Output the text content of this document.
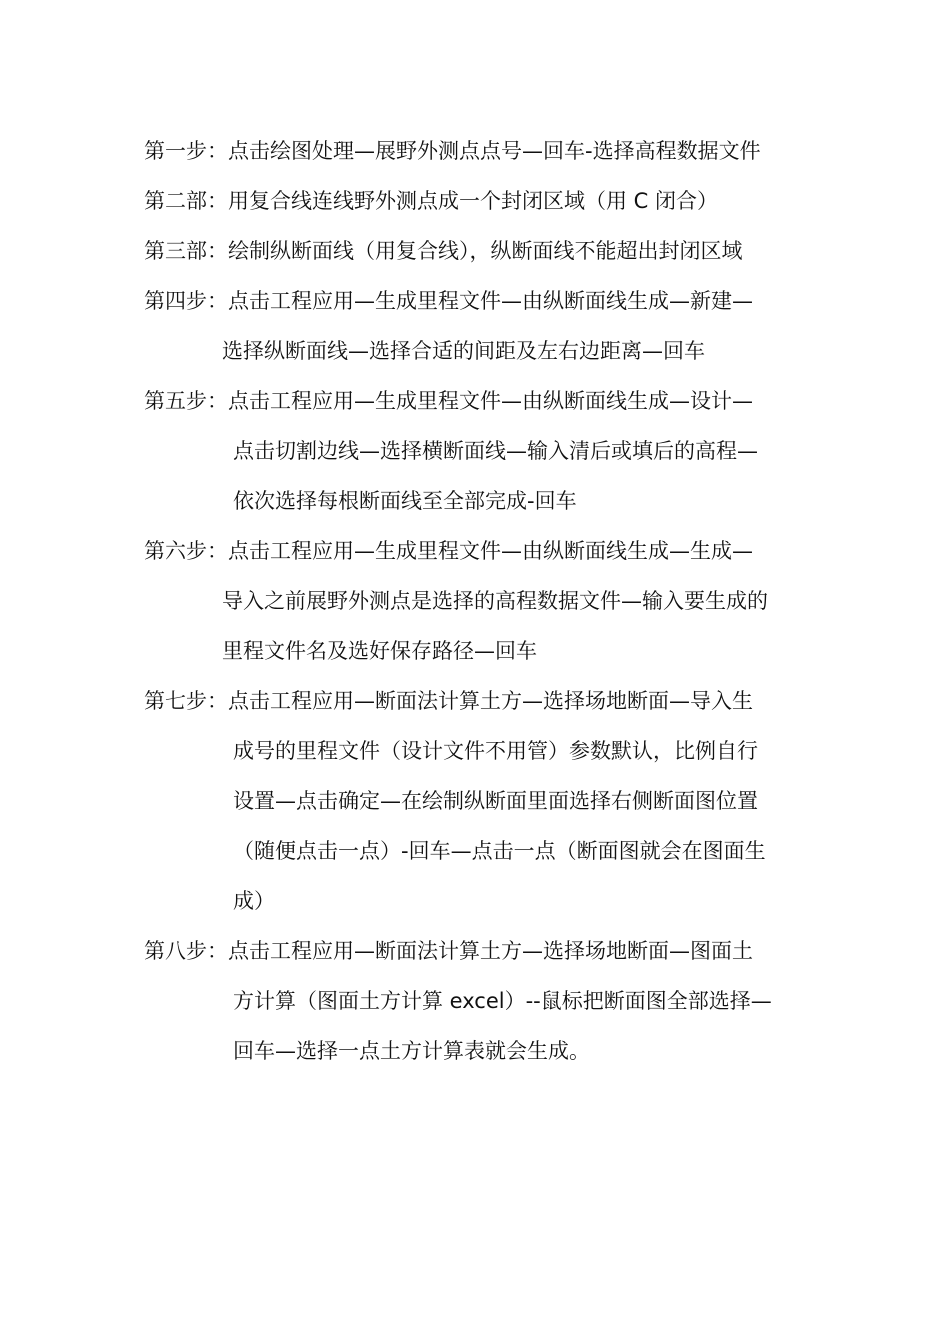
第一步：点击绘图处理—展野外测点点号—回车-选择高程数据文件
第二部：用复合线连线野外测点成一个封闭区域（用 C 闭合）
第三部：绘制纵断面线（用复合线），纵断面线不能超出封闭区域
第四步：点击工程应用—生成里程文件—由纵断面线生成—新建—
选择纵断面线—选择合适的间距及左右边距离—回车
第五步：点击工程应用—生成里程文件—由纵断面线生成—设计—
点击切割边线—选择横断面线—输入清后或填后的高程—
依次选择每根断面线至全部完成-回车
第六步：点击工程应用—生成里程文件—由纵断面线生成—生成—
导入之前展野外测点是选择的高程数据文件—输入要生成的
里程文件名及选好保存路径—回车
第七步：点击工程应用—断面法计算土方—选择场地断面—导入生
成号的里程文件（设计文件不用管）参数默认，比例自行
设置—点击确定—在绘制纵断面里面选择右侧断面图位置
（随便点击一点）-回车—点击一点（断面图就会在图面生
成）
第八步：点击工程应用—断面法计算土方—选择场地断面—图面土
方计算（图面土方计算 excel）--鼠标把断面图全部选择—
回车—选择一点土方计算表就会生成。
